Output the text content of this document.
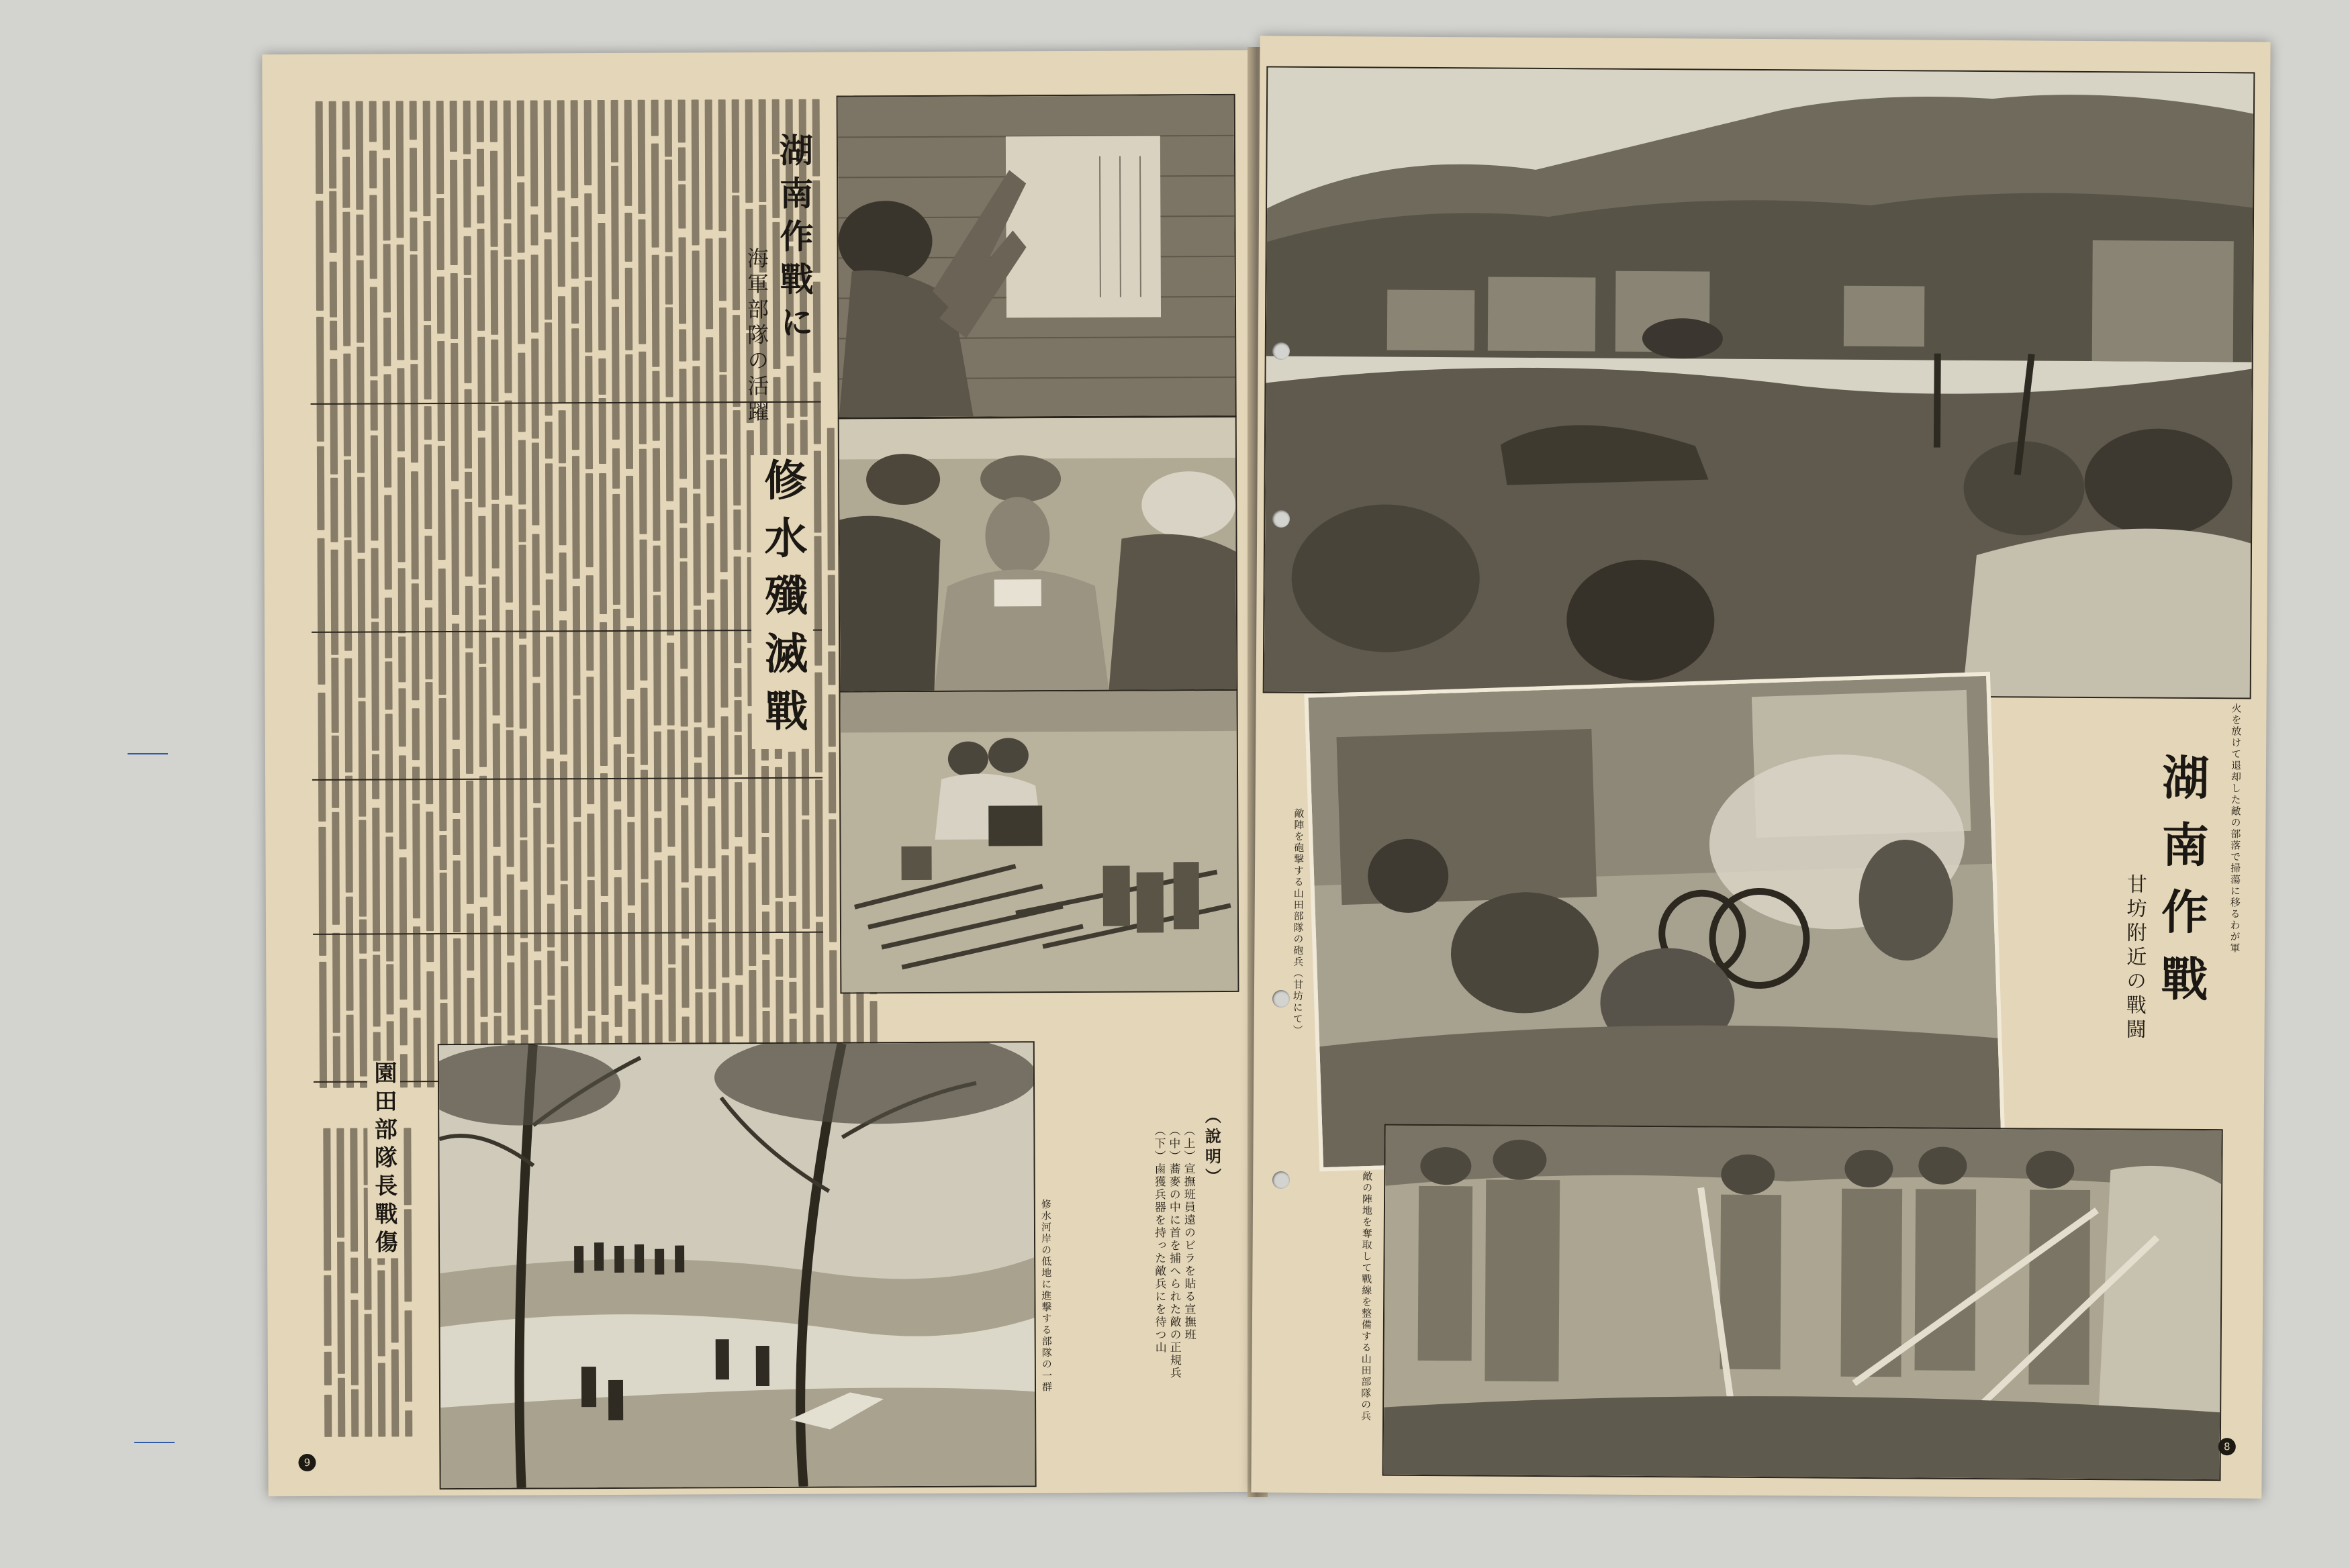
湖南作戰に
海軍部隊の活躍
修水殲滅戰
園田部隊長戰傷	（說明）
（上）宣撫班員遠のビラを貼る宣撫班
（中）蕎麥の中に首を捕へられた敵の正規兵
（下）鹵獲兵器を持った敵兵にを待つ山
修水河岸の低地に進撃する部隊の一群
9
火を放けて退却した敵の部落で掃蕩に移るわが軍
湖南作戰
甘坊附近の戰闘
敵陣を砲撃する山田部隊の砲兵（甘坊にて）
敵の陣地を奪取して戰線を整備する山田部隊の兵
8
